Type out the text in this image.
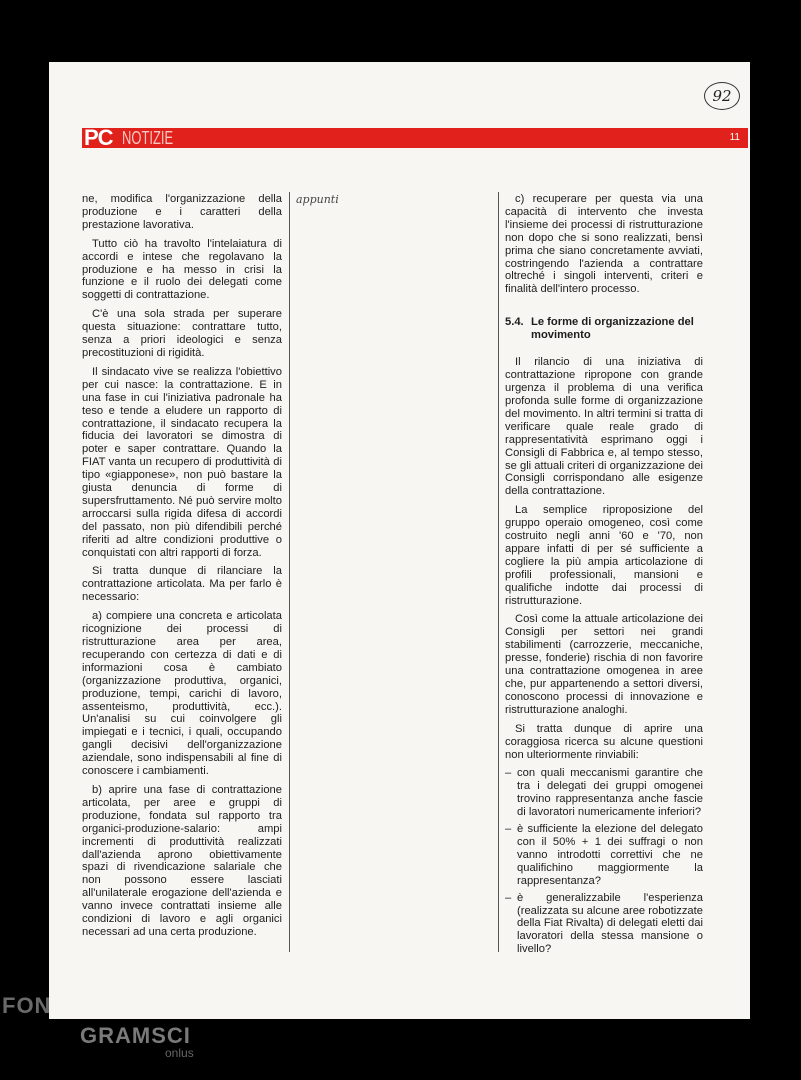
92
PC NOTIZIE	11

ne, modifica l'organizzazione della produzione e i caratteri della prestazione lavorativa.

Tutto ciò ha travolto l'intelaiatura di accordi e intese che regolavano la produzione e ha messo in crisi la funzione e il ruolo dei delegati come soggetti di contrattazione.

C'è una sola strada per superare questa situazione: contrattare tutto, senza a priori ideologici e senza precostituzioni di rigidità.

Il sindacato vive se realizza l'obiettivo per cui nasce: la contrattazione. E in una fase in cui l'iniziativa padronale ha teso e tende a eludere un rapporto di contrattazione, il sindacato recupera la fiducia dei lavoratori se dimostra di poter e saper contrattare. Quando la FIAT vanta un recupero di produttività di tipo «giapponese», non può bastare la giusta denuncia di forme di supersfruttamento. Né può servire molto arroccarsi sulla rigida difesa di accordi del passato, non più difendibili perché riferiti ad altre condizioni produttive o conquistati con altri rapporti di forza.

Si tratta dunque di rilanciare la contrattazione articolata. Ma per farlo è necessario:

a) compiere una concreta e articolata ricognizione dei processi di ristrutturazione area per area, recuperando con certezza di dati e di informazioni cosa è cambiato (organizzazione produttiva, organici, produzione, tempi, carichi di lavoro, assenteismo, produttività, ecc.). Un'analisi su cui coinvolgere gli impiegati e i tecnici, i quali, occupando gangli decisivi dell'organizzazione aziendale, sono indispensabili al fine di conoscere i cambiamenti.

b) aprire una fase di contrattazione articolata, per aree e gruppi di produzione, fondata sul rapporto tra organici-produzione-salario: ampi incrementi di produttività realizzati dall'azienda aprono obiettivamente spazi di rivendicazione salariale che non possono essere lasciati all'unilaterale erogazione dell'azienda e vanno invece contrattati insieme alle condizioni di lavoro e agli organici necessari ad una certa produzione.

appunti	c) recuperare per questa via una capacità di intervento che investa l'insieme dei processi di ristrutturazione non dopo che si sono realizzati, bensì prima che siano concretamente avviati, costringendo l'azienda a contrattare oltreché i singoli interventi, criteri e finalità dell'intero processo.

5.4. Le forme di organizzazione del movimento

Il rilancio di una iniziativa di contrattazione ripropone con grande urgenza il problema di una verifica profonda sulle forme di organizzazione del movimento. In altri termini si tratta di verificare quale reale grado di rappresentatività esprimano oggi i Consigli di Fabbrica e, al tempo stesso, se gli attuali criteri di organizzazione dei Consigli corrispondano alle esigenze della contrattazione.

La semplice riproposizione del gruppo operaio omogeneo, così come costruito negli anni '60 e '70, non appare infatti di per sé sufficiente a cogliere la più ampia articolazione di profili professionali, mansioni e qualifiche indotte dai processi di ristrutturazione.

Così come la attuale articolazione dei Consigli per settori nei grandi stabilimenti (carrozzerie, meccaniche, presse, fonderie) rischia di non favorire una contrattazione omogenea in aree che, pur appartenendo a settori diversi, conoscono processi di innovazione e ristrutturazione analoghi.

Si tratta dunque di aprire una coraggiosa ricerca su alcune questioni non ulteriormente rinviabili:

– con quali meccanismi garantire che tra i delegati dei gruppi omogenei trovino rappresentanza anche fascie di lavoratori numericamente inferiori?
– è sufficiente la elezione del delegato con il 50% + 1 dei suffragi o non vanno introdotti correttivi che ne qualifichino maggiormente la rappresentanza?
– è generalizzabile l'esperienza (realizzata su alcune aree robotizzate della Fiat Rivalta) di delegati eletti dai lavoratori della stessa mansione o livello?
FON
GRAMSCI
onlus
